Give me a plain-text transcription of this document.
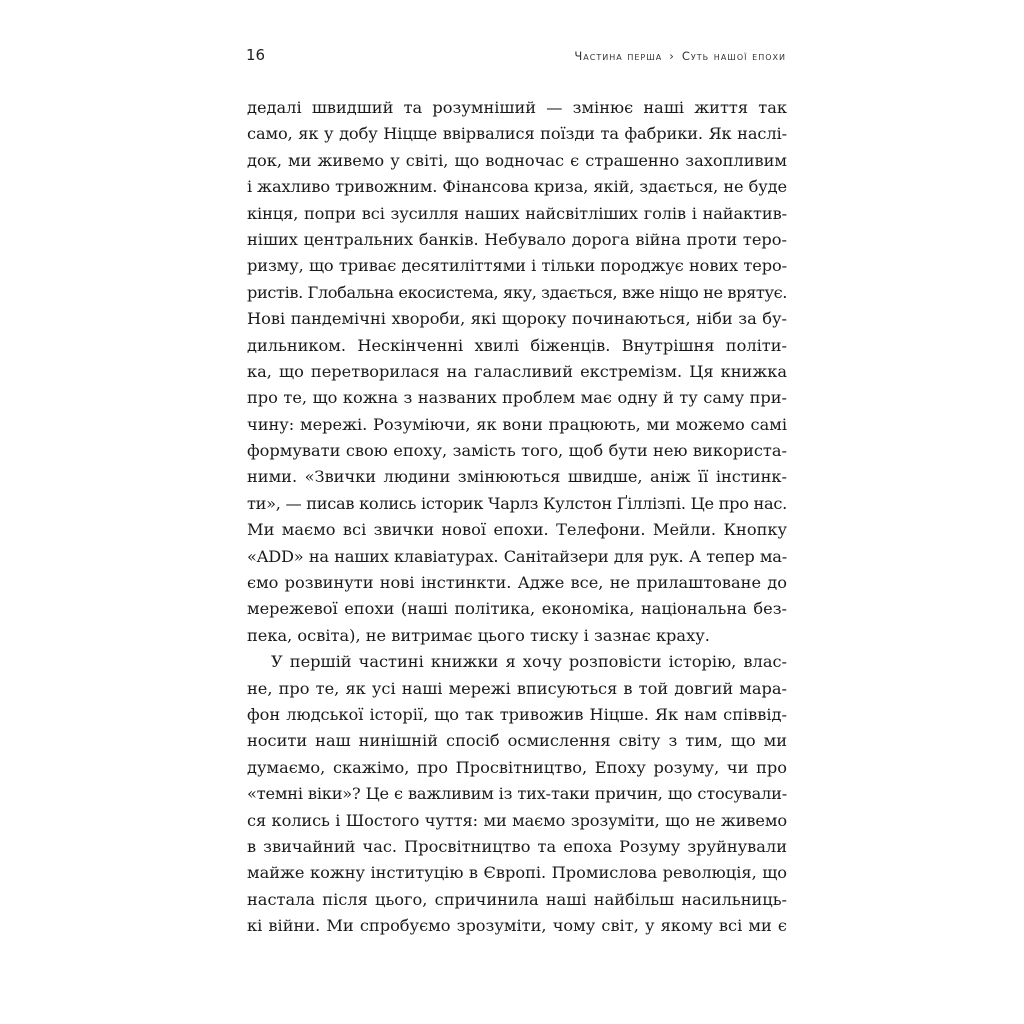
16	Частина перша › Суть нашої епохи
дедалі швидший та розумніший — змінює наші життя так
само, як у добу Ніцще ввірвалися поїзди та фабрики. Як наслі-
док, ми живемо у світі, що водночас є страшенно захопливим
і жахливо тривожним. Фінансова криза, якій, здається, не буде
кінця, попри всі зусилля наших найсвітліших голів і найактив-
ніших центральних банків. Небувало дорога війна проти теро-
ризму, що триває десятиліттями і тільки породжує нових теро-
ристів. Глобальна екосистема, яку, здається, вже ніщо не врятує.
Нові пандемічні хвороби, які щороку починаються, ніби за бу-
дильником. Нескінченні хвилі біженців. Внутрішня політи-
ка, що перетворилася на галасливий екстремізм. Ця книжка
про те, що кожна з названих проблем має одну й ту саму при-
чину: мережі. Розуміючи, як вони працюють, ми можемо самі
формувати свою епоху, замість того, щоб бути нею використа-
ними. «Звички людини змінюються швидше, аніж її інстинк-
ти», — писав колись історик Чарлз Кулстон Ґіллізпі. Це про нас.
Ми маємо всі звички нової епохи. Телефони. Мейли. Кнопку
«ADD» на наших клавіатурах. Санітайзери для рук. А тепер ма-
ємо розвинути нові інстинкти. Адже все, не прилаштоване до
мережевої епохи (наші політика, економіка, національна без-
пека, освіта), не витримає цього тиску і зазнає краху.
У першій частині книжки я хочу розповісти історію, влас-
не, про те, як усі наші мережі вписуються в той довгий мара-
фон людської історії, що так тривожив Ніцше. Як нам співвід-
носити наш нинішній спосіб осмислення світу з тим, що ми
думаємо, скажімо, про Просвітництво, Епоху розуму, чи про
«темні віки»? Це є важливим із тих-таки причин, що стосували-
ся колись і Шостого чуття: ми маємо зрозуміти, що не живемо
в звичайний час. Просвітництво та епоха Розуму зруйнували
майже кожну інституцію в Європі. Промислова революція, що
настала після цього, спричинила наші найбільш насильниць-
кі війни. Ми спробуємо зрозуміти, чому світ, у якому всі ми є
